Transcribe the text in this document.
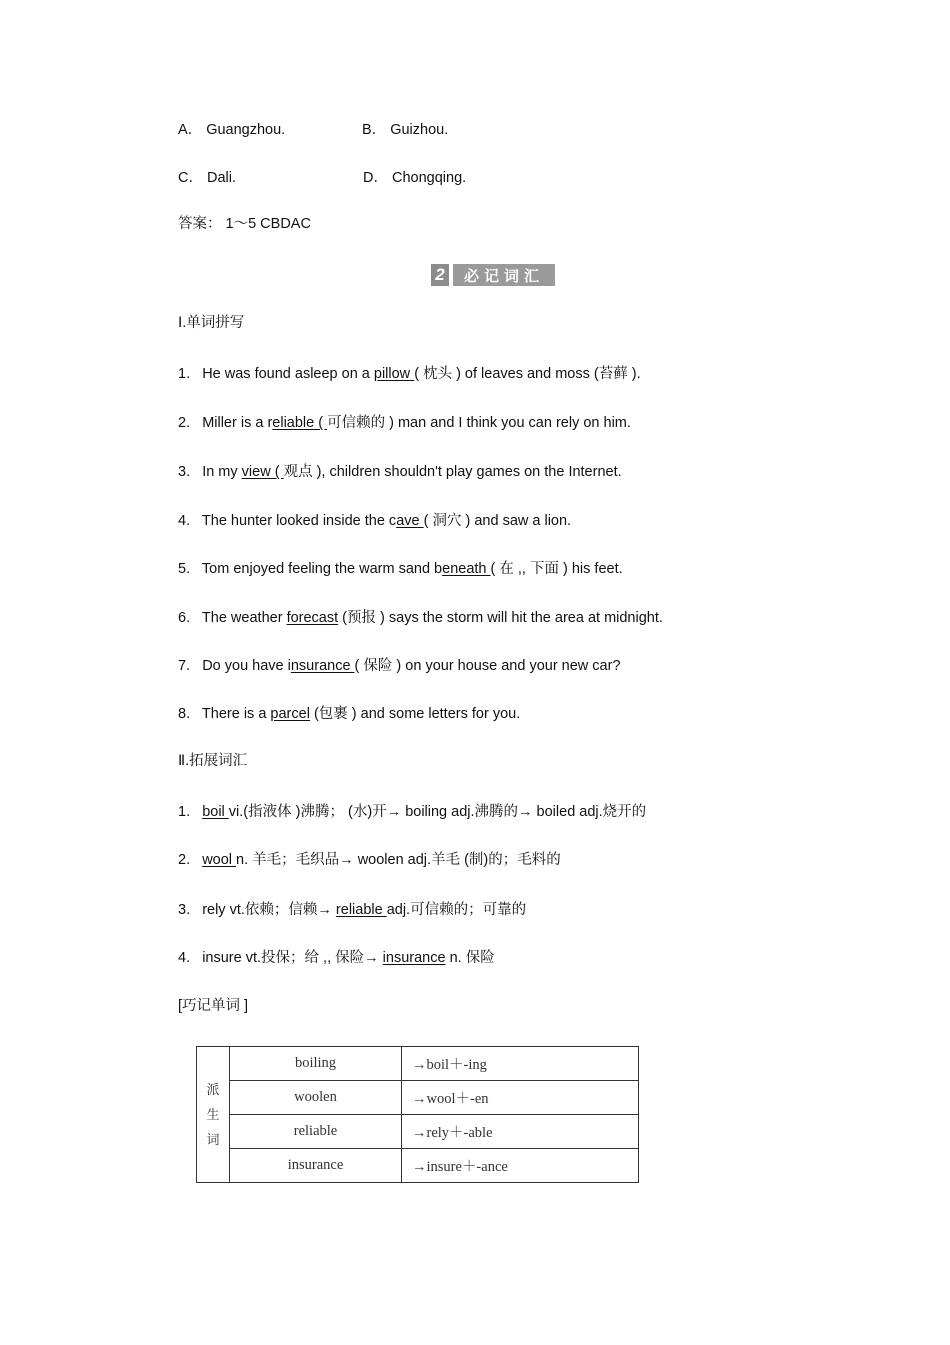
A． Guangzhou.	B． Guizhou.
C． Dali.	D． Chongqing.
答案： 1～5 CBDAC
2	必记词汇
Ⅰ.单词拼写
1. He was found asleep on a pillow ( 枕头 ) of leaves and moss (苔藓 ).
2. Miller is a reliable ( 可信赖的 ) man and I think you can rely on him.
3. In my view ( 观点 ), children shouldn't play games on the Internet.
4. The hunter looked inside the cave ( 洞穴 ) and saw a lion.
5. Tom enjoyed feeling the warm sand beneath ( 在 ,, 下面 ) his feet.
6. The weather forecast (预报 ) says the storm will hit the area at midnight.
7. Do you have insurance ( 保险 ) on your house and your new car?
8. There is a parcel (包裹 ) and some letters for you.
Ⅱ.拓展词汇
1. boil vi.(指液体 )沸腾； (水)开→ boiling adj.沸腾的→ boiled adj.烧开的
2. wool n. 羊毛；毛织品→ woolen adj.羊毛 (制)的；毛料的
3. rely vt.依赖；信赖→ reliable adj.可信赖的；可靠的
4. insure vt.投保；给 ,, 保险→ insurance n. 保险
[巧记单词 ]
派
生
词	boiling	→boil＋-ing
	woolen	→wool＋-en
	reliable	→rely＋-able
	insurance	→insure＋-ance
